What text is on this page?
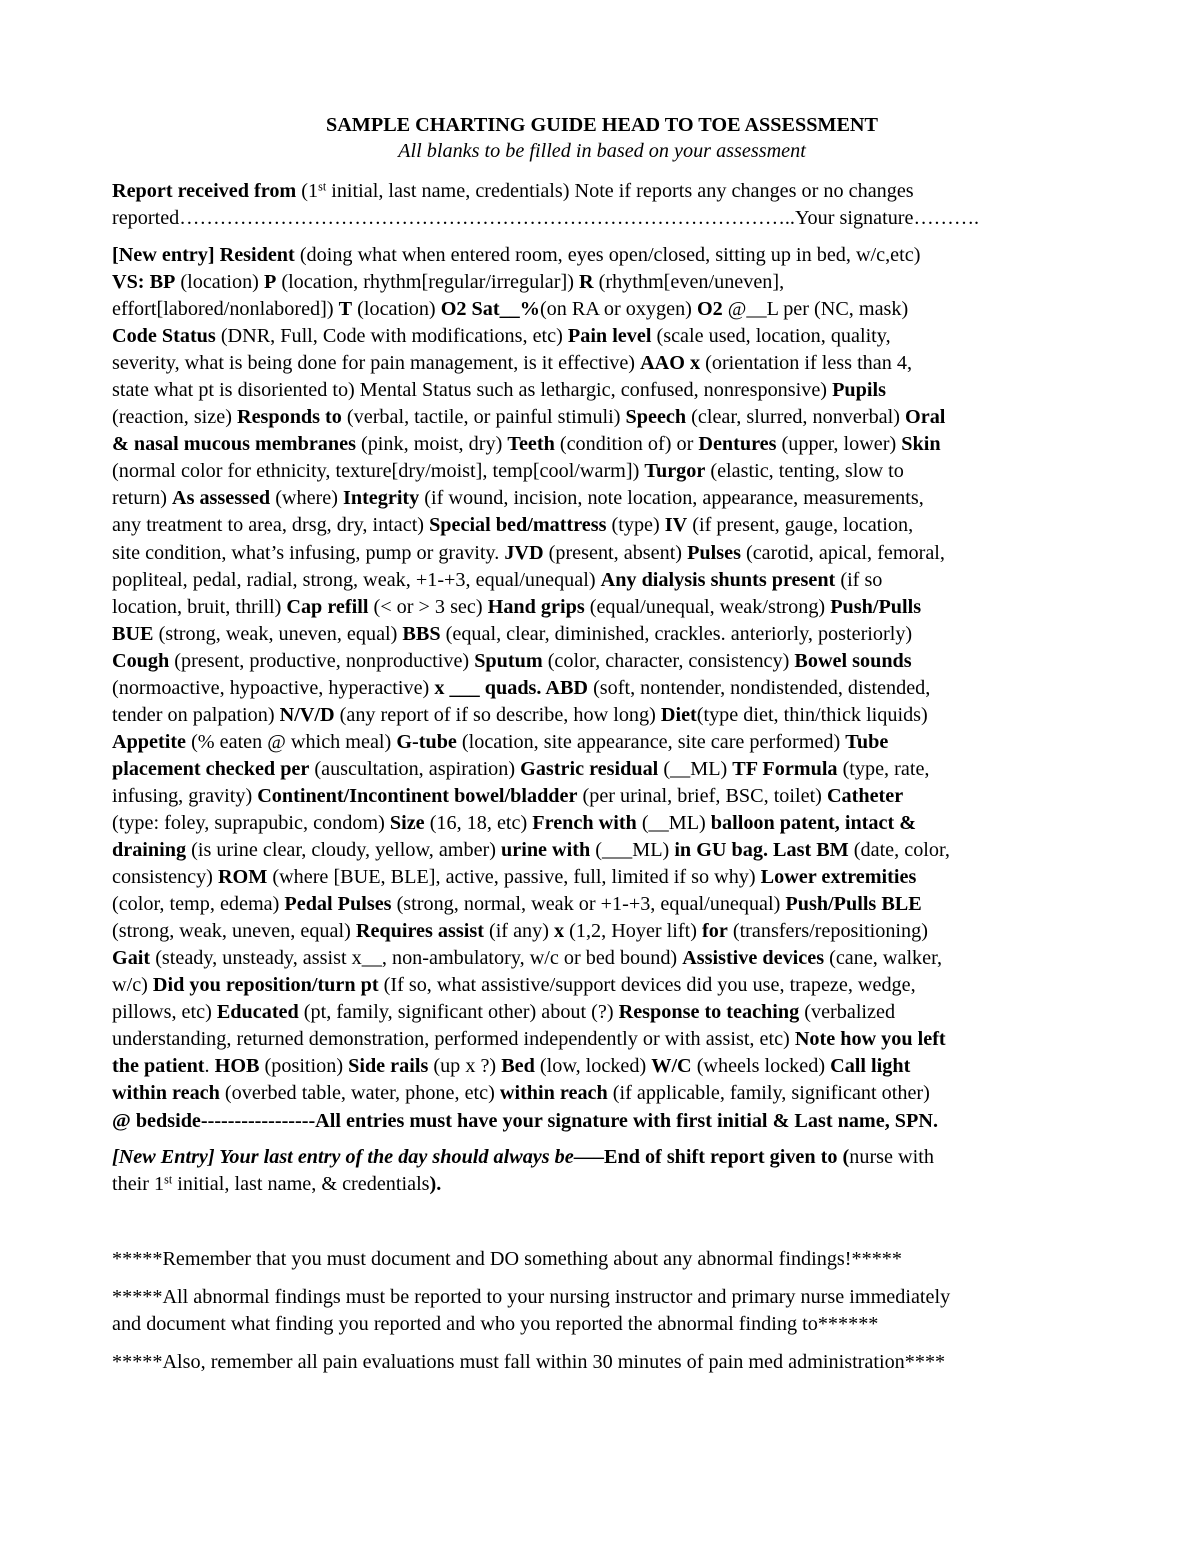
SAMPLE CHARTING GUIDE HEAD TO TOE ASSESSMENT
All blanks to be filled in based on your assessment
Report received from (1st initial, last name, credentials) Note if reports any changes or no changes
reported………………………………………………………………………………..Your signature……….
[New entry] Resident (doing what when entered room, eyes open/closed, sitting up in bed, w/c,etc)
VS: BP (location) P (location, rhythm[regular/irregular]) R (rhythm[even/uneven],
effort[labored/nonlabored]) T (location) O2 Sat__%(on RA or oxygen) O2 @__L per (NC, mask)
Code Status (DNR, Full, Code with modifications, etc) Pain level (scale used, location, quality,
severity, what is being done for pain management, is it effective) AAO x (orientation if less than 4,
state what pt is disoriented to) Mental Status such as lethargic, confused, nonresponsive) Pupils
(reaction, size) Responds to (verbal, tactile, or painful stimuli) Speech (clear, slurred, nonverbal) Oral
& nasal mucous membranes (pink, moist, dry) Teeth (condition of) or Dentures (upper, lower) Skin
(normal color for ethnicity, texture[dry/moist], temp[cool/warm]) Turgor (elastic, tenting, slow to
return) As assessed (where) Integrity (if wound, incision, note location, appearance, measurements,
any treatment to area, drsg, dry, intact) Special bed/mattress (type) IV (if present, gauge, location,
site condition, what’s infusing, pump or gravity. JVD (present, absent) Pulses (carotid, apical, femoral,
popliteal, pedal, radial, strong, weak, +1-+3, equal/unequal) Any dialysis shunts present (if so
location, bruit, thrill) Cap refill (< or > 3 sec) Hand grips (equal/unequal, weak/strong) Push/Pulls
BUE (strong, weak, uneven, equal) BBS (equal, clear, diminished, crackles. anteriorly, posteriorly)
Cough (present, productive, nonproductive) Sputum (color, character, consistency) Bowel sounds
(normoactive, hypoactive, hyperactive) x ___ quads. ABD (soft, nontender, nondistended, distended,
tender on palpation) N/V/D (any report of if so describe, how long) Diet(type diet, thin/thick liquids)
Appetite (% eaten @ which meal) G-tube (location, site appearance, site care performed) Tube
placement checked per (auscultation, aspiration) Gastric residual (__ML) TF Formula (type, rate,
infusing, gravity) Continent/Incontinent bowel/bladder (per urinal, brief, BSC, toilet) Catheter
(type: foley, suprapubic, condom) Size (16, 18, etc) French with (__ML) balloon patent, intact &
draining (is urine clear, cloudy, yellow, amber) urine with (___ML) in GU bag. Last BM (date, color,
consistency) ROM (where [BUE, BLE], active, passive, full, limited if so why) Lower extremities
(color, temp, edema) Pedal Pulses (strong, normal, weak or +1-+3, equal/unequal) Push/Pulls BLE
(strong, weak, uneven, equal) Requires assist (if any) x (1,2, Hoyer lift) for (transfers/repositioning)
Gait (steady, unsteady, assist x__, non-ambulatory, w/c or bed bound) Assistive devices (cane, walker,
w/c) Did you reposition/turn pt (If so, what assistive/support devices did you use, trapeze, wedge,
pillows, etc) Educated (pt, family, significant other) about (?) Response to teaching (verbalized
understanding, returned demonstration, performed independently or with assist, etc) Note how you left
the patient. HOB (position) Side rails (up x ?) Bed (low, locked) W/C (wheels locked) Call light
within reach (overbed table, water, phone, etc) within reach (if applicable, family, significant other)
@ bedside-----------------All entries must have your signature with first initial & Last name, SPN.
[New Entry] Your last entry of the day should always be–––End of shift report given to (nurse with
their 1st initial, last name, & credentials).
*****Remember that you must document and DO something about any abnormal findings!*****
*****All abnormal findings must be reported to your nursing instructor and primary nurse immediately
and document what finding you reported and who you reported the abnormal finding to******
*****Also, remember all pain evaluations must fall within 30 minutes of pain med administration****
